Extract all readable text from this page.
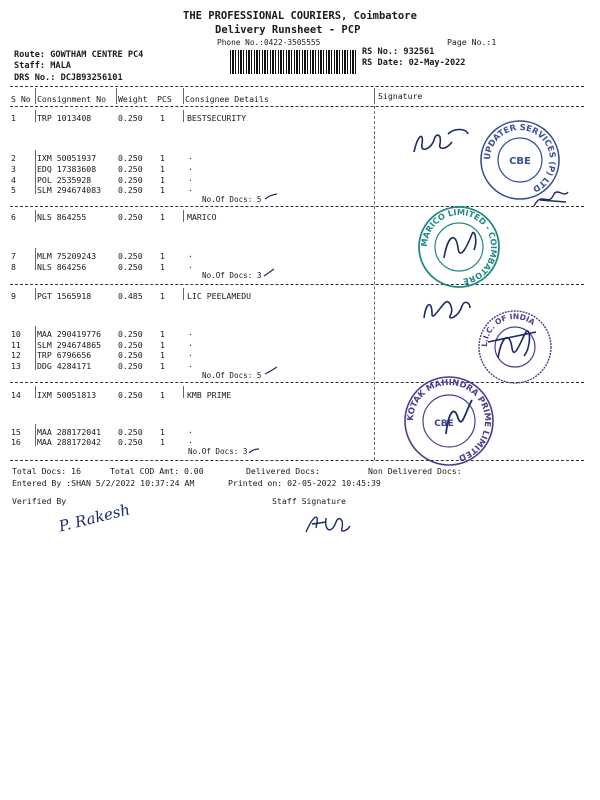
THE PROFESSIONAL COURIERS, Coimbatore
Delivery Runsheet - PCP
Phone No.:0422-3505555	Page No.:1
Route: GOWTHAM CENTRE PC4
Staff: MALA
DRS No.: DCJB93256101
RS No.: 932561
RS Date: 02-May-2022
S No Consignment No Weight PCS Consignee Details	Signature
1	TRP 1013408	0.250 1	BESTSECURITY
2	IXM 50051937	0.250 1	.
3	EDQ 17383608	0.250 1	.
4	POL 2535928	0.250 1	.
5	SLM 294674083 0.250 1	.
No.Of Docs: 5
6	NLS 864255	0.250 1	MARICO
7	MLM 75209243	0.250 1	.
8	NLS 864256	0.250 1	.
No.Of Docs: 3
9	PGT 1565918	0.485 1	LIC PEELAMEDU
10 MAA 290419776 0.250 1	.
11 SLM 294674865 0.250 1	.
12 TRP 6796656	0.250 1	.
13 DDG 4284171	0.250 1	.
No.Of Docs: 5
14 IXM 50051813	0.250 1	KMB PRIME
15 MAA 288172041 0.250 1	.
16 MAA 288172042 0.250 1	.
No.Of Docs: 3
Total Docs: 16	Total COD Amt: 0.00	Delivered Docs:	Non Delivered Docs:
Entered By :SHAN 5/2/2022 10:37:24 AM	Printed on: 02-05-2022 10:45:39
Verified By	Staff Signature
P. Rakesh
UPDATER SERVICES (P) LTD
CBE
MARICO LIMITED - COIMBATORE
L.I.C. OF INDIA
KOTAK MAHINDRA PRIME LIMITED
CBE
